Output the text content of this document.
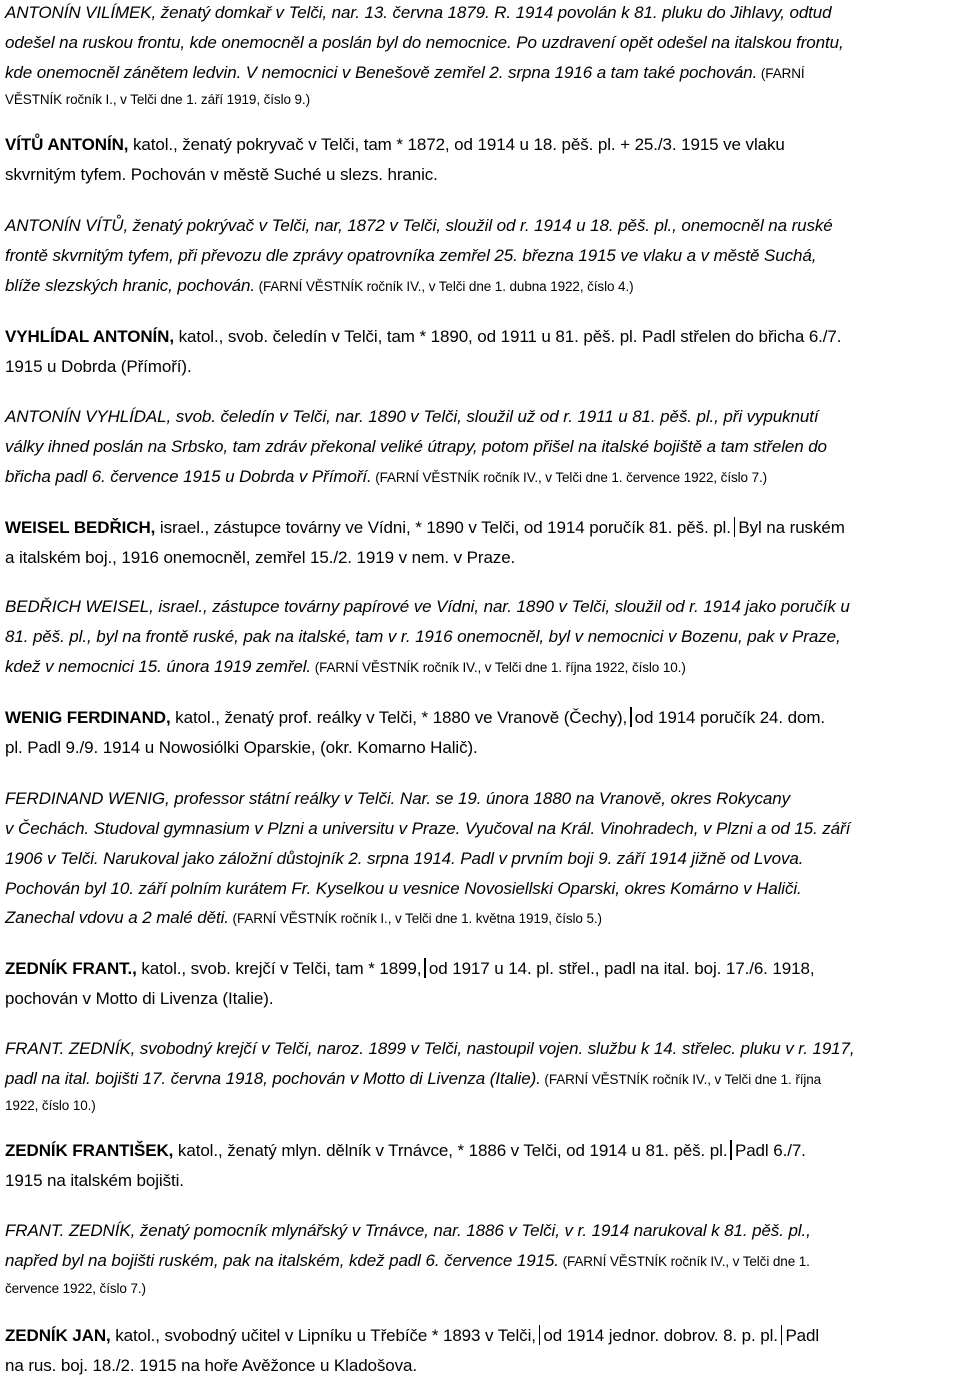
ANTONÍN VILÍMEK, ženatý domkař v Telči, nar. 13. června 1879. R. 1914 povolán k 81. pluku do Jihlavy, odtud
odešel na ruskou frontu, kde onemocněl a poslán byl do nemocnice. Po uzdravení opět odešel na italskou frontu,
kde onemocněl zánětem ledvin. V nemocnici v Benešově zemřel 2. srpna 1916 a tam také pochován. (FARNÍ
VĚSTNÍK ročník I., v Telči dne 1. září 1919, číslo 9.)
VÍTŮ ANTONÍN, katol., ženatý pokryvač v Telči, tam * 1872, od 1914 u 18. pěš. pl. + 25./3. 1915 ve vlaku
skvrnitým tyfem. Pochován v městě Suché u slezs. hranic.
ANTONÍN VÍTŮ, ženatý pokrývač v Telči, nar, 1872 v Telči, sloužil od r. 1914 u 18. pěš. pl., onemocněl na ruské
frontě skvrnitým tyfem, při převozu dle zprávy opatrovníka zemřel 25. března 1915 ve vlaku a v městě Suchá,
blíže slezských hranic, pochován. (FARNÍ VĚSTNÍK ročník IV., v Telči dne 1. dubna 1922, číslo 4.)
VYHLÍDAL ANTONÍN, katol., svob. čeledín v Telči, tam * 1890, od 1911 u 81. pěš. pl. Padl střelen do břicha 6./7.
1915 u Dobrda (Přímoří).
ANTONÍN VYHLÍDAL, svob. čeledín v Telči, nar. 1890 v Telči, sloužil už od r. 1911 u 81. pěš. pl., při vypuknutí
války ihned poslán na Srbsko, tam zdráv překonal veliké útrapy, potom přišel na italské bojiště a tam střelen do
břicha padl 6. července 1915 u Dobrda v Přímoří. (FARNÍ VĚSTNÍK ročník IV., v Telči dne 1. července 1922, číslo 7.)
WEISEL BEDŘICH, israel., zástupce továrny ve Vídni, * 1890 v Telči, od 1914 poručík 81. pěš. pl. Byl na ruském
a italském boj., 1916 onemocněl, zemřel 15./2. 1919 v nem. v Praze.
BEDŘICH WEISEL, israel., zástupce továrny papírové ve Vídni, nar. 1890 v Telči, sloužil od r. 1914 jako poručík u
81. pěš. pl., byl na frontě ruské, pak na italské, tam v r. 1916 onemocněl, byl v nemocnici v Bozenu, pak v Praze,
kdež v nemocnici 15. února 1919 zemřel. (FARNÍ VĚSTNÍK ročník IV., v Telči dne 1. října 1922, číslo 10.)
WENIG FERDINAND, katol., ženatý prof. reálky v Telči, * 1880 ve Vranově (Čechy), od 1914 poručík 24. dom.
pl. Padl 9./9. 1914 u Nowosiólki Oparskie, (okr. Komarno Halič).
FERDINAND WENIG, professor státní reálky v Telči. Nar. se 19. února 1880 na Vranově, okres Rokycany
v Čechách. Studoval gymnasium v Plzni a universitu v Praze. Vyučoval na Král. Vinohradech, v Plzni a od 15. září
1906 v Telči. Narukoval jako záložní důstojník 2. srpna 1914. Padl v prvním boji 9. září 1914 jižně od Lvova.
Pochován byl 10. září polním kurátem Fr. Kyselkou u vesnice Novosiellski Oparski, okres Komárno v Haliči.
Zanechal vdovu a 2 malé děti. (FARNÍ VĚSTNÍK ročník I., v Telči dne 1. května 1919, číslo 5.)
ZEDNÍK FRANT., katol., svob. krejčí v Telči, tam * 1899, od 1917 u 14. pl. střel., padl na ital. boj. 17./6. 1918,
pochován v Motto di Livenza (Italie).
FRANT. ZEDNÍK, svobodný krejčí v Telči, naroz. 1899 v Telči, nastoupil vojen. službu k 14. střelec. pluku v r. 1917,
padl na ital. bojišti 17. června 1918, pochován v Motto di Livenza (Italie). (FARNÍ VĚSTNÍK ročník IV., v Telči dne 1. října
1922, číslo 10.)
ZEDNÍK FRANTIŠEK, katol., ženatý mlyn. dělník v Trnávce, * 1886 v Telči, od 1914 u 81. pěš. pl. Padl 6./7.
1915 na italském bojišti.
FRANT. ZEDNÍK, ženatý pomocník mlynářský v Trnávce, nar. 1886 v Telči, v r. 1914 narukoval k 81. pěš. pl.,
napřed byl na bojišti ruském, pak na italském, kdež padl 6. července 1915. (FARNÍ VĚSTNÍK ročník IV., v Telči dne 1.
července 1922, číslo 7.)
ZEDNÍK JAN, katol., svobodný učitel v Lipníku u Třebíče * 1893 v Telči, od 1914 jednor. dobrov. 8. p. pl. Padl
na rus. boj. 18./2. 1915 na hoře Avěžonce u Kladošova.
